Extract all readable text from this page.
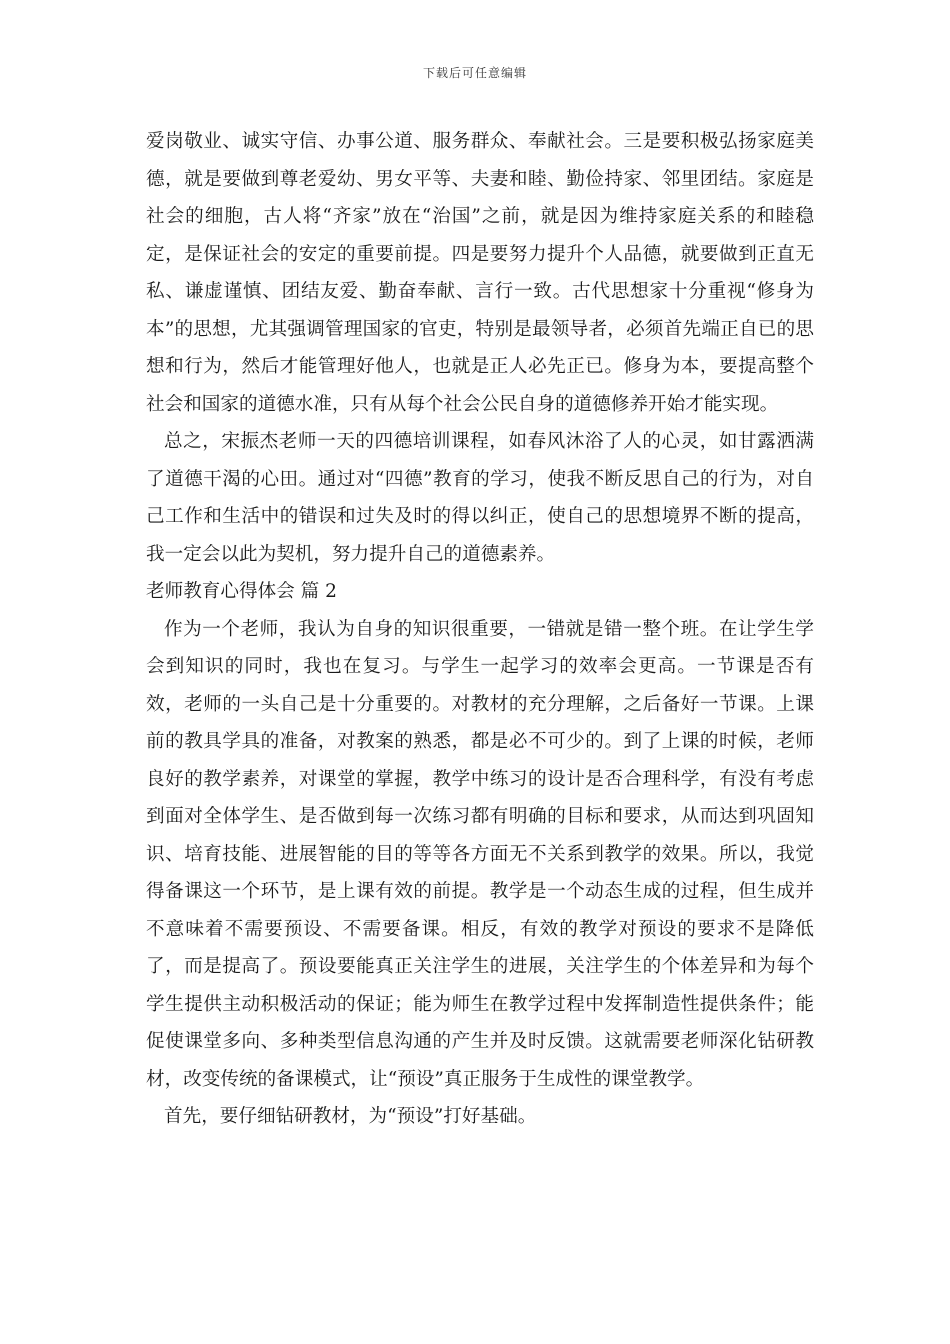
下载后可任意编辑

爱岗敬业、诚实守信、办事公道、服务群众、奉献社会。三是要积极弘扬家庭美德，就是要做到尊老爱幼、男女平等、夫妻和睦、勤俭持家、邻里团结。家庭是社会的细胞，古人将“齐家”放在“治国”之前，就是因为维持家庭关系的和睦稳定，是保证社会的安定的重要前提。四是要努力提升个人品德，就要做到正直无私、谦虚谨慎、团结友爱、勤奋奉献、言行一致。古代思想家十分重视“修身为本”的思想，尤其强调管理国家的官吏，特别是最领导者，必须首先端正自已的思想和行为，然后才能管理好他人，也就是正人必先正已。修身为本，要提高整个社会和国家的道德水准，只有从每个社会公民自身的道德修养开始才能实现。

总之，宋振杰老师一天的四德培训课程，如春风沐浴了人的心灵，如甘露洒满了道德干渴的心田。通过对“四德”教育的学习，使我不断反思自己的行为，对自己工作和生活中的错误和过失及时的得以纠正，使自己的思想境界不断的提高，我一定会以此为契机，努力提升自己的道德素养。

老师教育心得体会 篇 2

作为一个老师，我认为自身的知识很重要，一错就是错一整个班。在让学生学会到知识的同时，我也在复习。与学生一起学习的效率会更高。一节课是否有效，老师的一头自己是十分重要的。对教材的充分理解，之后备好一节课。上课前的教具学具的准备，对教案的熟悉，都是必不可少的。到了上课的时候，老师良好的教学素养，对课堂的掌握，教学中练习的设计是否合理科学，有没有考虑到面对全体学生、是否做到每一次练习都有明确的目标和要求，从而达到巩固知识、培育技能、进展智能的目的等等各方面无不关系到教学的效果。所以，我觉得备课这一个环节，是上课有效的前提。教学是一个动态生成的过程，但生成并不意味着不需要预设、不需要备课。相反，有效的教学对预设的要求不是降低了，而是提高了。预设要能真正关注学生的进展，关注学生的个体差异和为每个学生提供主动积极活动的保证；能为师生在教学过程中发挥制造性提供条件；能促使课堂多向、多种类型信息沟通的产生并及时反馈。这就需要老师深化钻研教材，改变传统的备课模式，让“预设”真正服务于生成性的课堂教学。

首先，要仔细钻研教材，为“预设”打好基础。
